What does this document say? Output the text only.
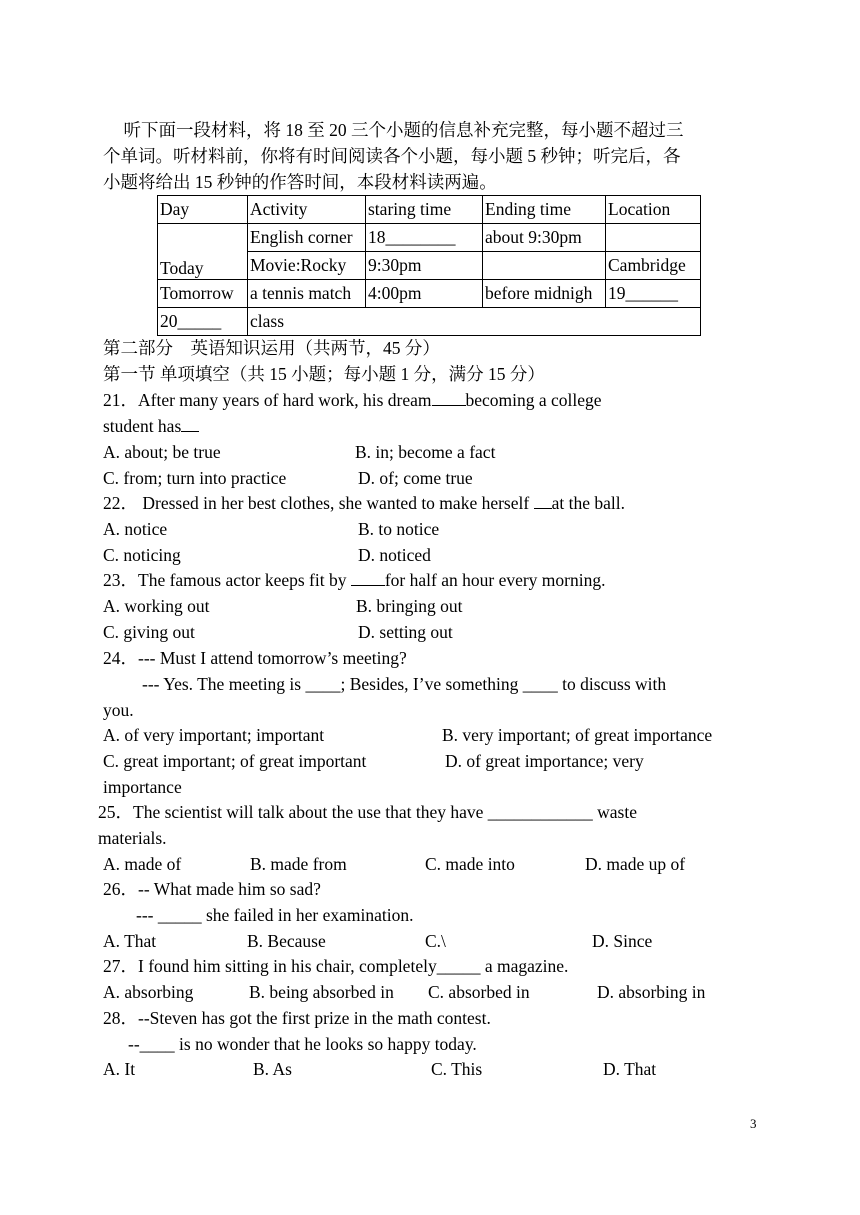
　听下面一段材料，将 18 至 20 三个小题的信息补充完整，每小题不超过三
个单词。听材料前，你将有时间阅读各个小题，每小题 5 秒钟；听完后，各
小题将给出 15 秒钟的作答时间，本段材料读两遍。
Day	Activity	staring time	Ending time	Location
Today	English corner	18________	about 9:30pm	
	Movie:Rocky	9:30pm		Cambridge
Tomorrow	a tennis match	4:00pm	before midnigh	19______
20_____	class			
第二部分　英语知识运用（共两节，45 分）
第一节 单项填空（共 15 小题；每小题 1 分，满分 15 分）
21．After many years of hard work, his dream becoming a college
student has
A. about; be true	B. in; become a fact
C. from; turn into practice	D. of; come true
22． Dressed in her best clothes, she wanted to make herself at the ball.
A. notice	B. to notice
C. noticing	D. noticed
23．The famous actor keeps fit by for half an hour every morning.
A. working out	B. bringing out
C. giving out	D. setting out
24．--- Must I attend tomorrow’s meeting?
--- Yes. The meeting is ____; Besides, I’ve something ____ to discuss with
you.
A. of very important; important	B. very important; of great importance
C. great important; of great important	D. of great importance; very
importance
25．The scientist will talk about the use that they have ____________ waste
materials.
A. made of	B. made from	C. made into	D. made up of
26．-- What made him so sad?
--- _____ she failed in her examination.
A. That	B. Because	C.\	D. Since
27．I found him sitting in his chair, completely_____ a magazine.
A. absorbing	B. being absorbed in C. absorbed in	D. absorbing in
28．--Steven has got the first prize in the math contest.
--____ is no wonder that he looks so happy today.
A. It	B. As	C. This	D. That
3
